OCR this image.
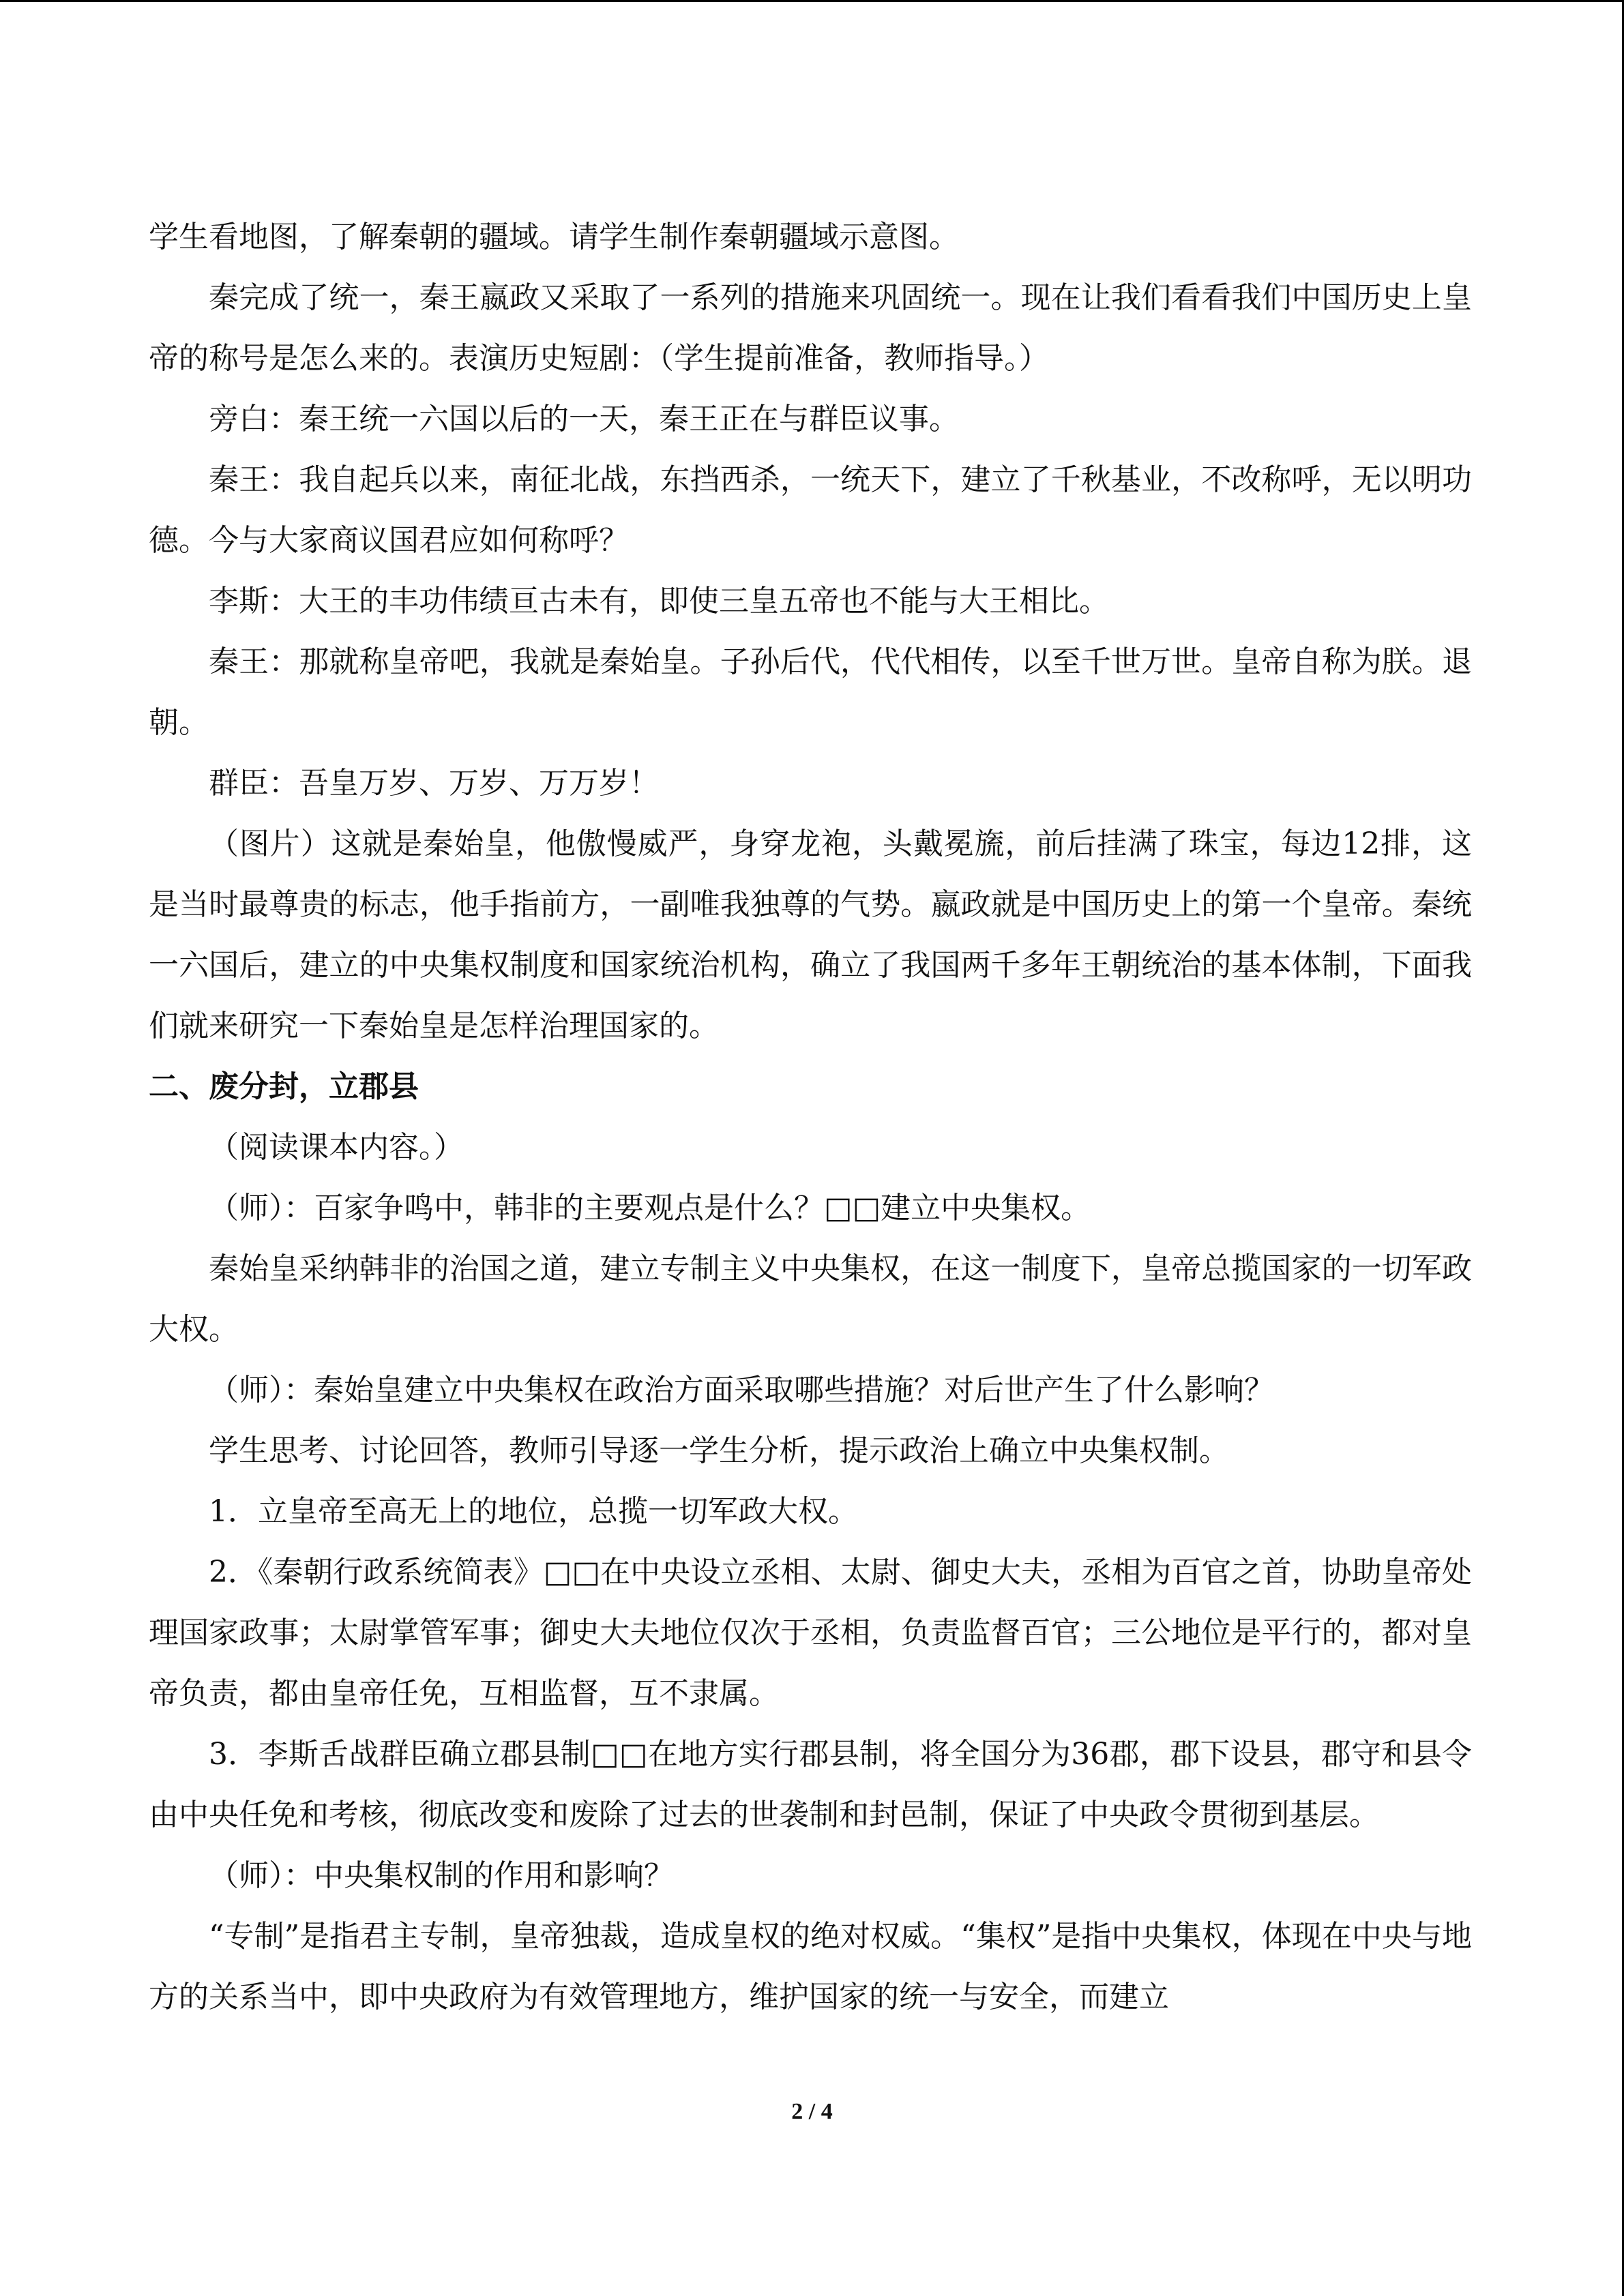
学生看地图，了解秦朝的疆域。请学生制作秦朝疆域示意图。

秦完成了统一，秦王嬴政又采取了一系列的措施来巩固统一。现在让我们看看我们中国历史上皇帝的称号是怎么来的。表演历史短剧：（学生提前准备，教师指导。）

旁白：秦王统一六国以后的一天，秦王正在与群臣议事。

秦王：我自起兵以来，南征北战，东挡西杀，一统天下，建立了千秋基业，不改称呼，无以明功德。今与大家商议国君应如何称呼？

李斯：大王的丰功伟绩亘古未有，即使三皇五帝也不能与大王相比。

秦王：那就称皇帝吧，我就是秦始皇。子孙后代，代代相传，以至千世万世。皇帝自称为朕。退朝。

群臣：吾皇万岁、万岁、万万岁！

（图片）这就是秦始皇，他傲慢威严，身穿龙袍，头戴冕旒，前后挂满了珠宝，每边12排，这是当时最尊贵的标志，他手指前方，一副唯我独尊的气势。嬴政就是中国历史上的第一个皇帝。秦统一六国后，建立的中央集权制度和国家统治机构，确立了我国两千多年王朝统治的基本体制，下面我们就来研究一下秦始皇是怎样治理国家的。

二、废分封，立郡县

（阅读课本内容。）

（师）：百家争鸣中，韩非的主要观点是什么？□□建立中央集权。

秦始皇采纳韩非的治国之道，建立专制主义中央集权，在这一制度下，皇帝总揽国家的一切军政大权。

（师）：秦始皇建立中央集权在政治方面采取哪些措施？对后世产生了什么影响？

学生思考、讨论回答，教师引导逐一学生分析，提示政治上确立中央集权制。

1．立皇帝至高无上的地位，总揽一切军政大权。

2．《秦朝行政系统简表》□□在中央设立丞相、太尉、御史大夫，丞相为百官之首，协助皇帝处理国家政事；太尉掌管军事；御史大夫地位仅次于丞相，负责监督百官；三公地位是平行的，都对皇帝负责，都由皇帝任免，互相监督，互不隶属。

3．李斯舌战群臣确立郡县制□□在地方实行郡县制，将全国分为36郡，郡下设县，郡守和县令由中央任免和考核，彻底改变和废除了过去的世袭制和封邑制，保证了中央政令贯彻到基层。

（师）：中央集权制的作用和影响？

“专制”是指君主专制，皇帝独裁，造成皇权的绝对权威。“集权”是指中央集权，体现在中央与地方的关系当中，即中央政府为有效管理地方，维护国家的统一与安全，而建立

2 / 4
